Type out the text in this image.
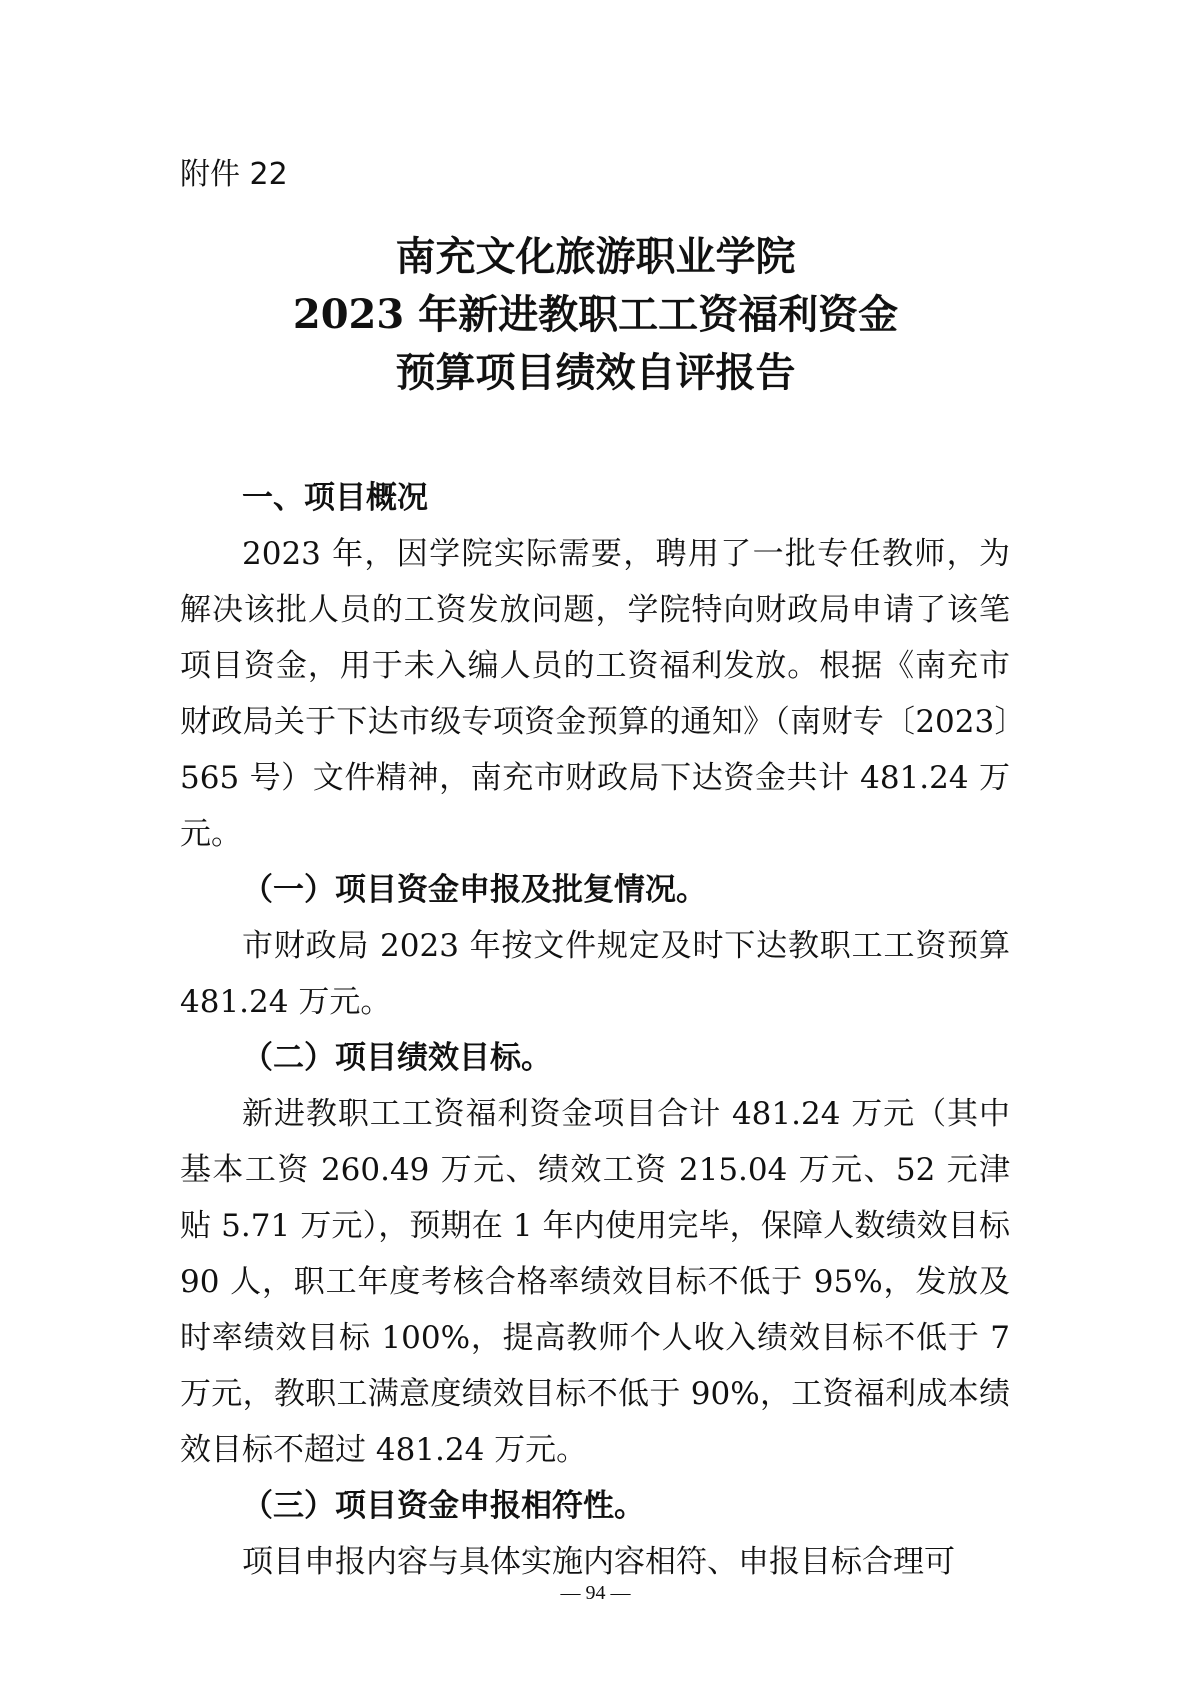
附件 22
南充文化旅游职业学院
2023 年新进教职工工资福利资金
预算项目绩效自评报告

一、项目概况

2023 年，因学院实际需要，聘用了一批专任教师，为解决该批人员的工资发放问题，学院特向财政局申请了该笔项目资金，用于未入编人员的工资福利发放。根据《南充市财政局关于下达市级专项资金预算的通知》（南财专〔2023〕565 号）文件精神，南充市财政局下达资金共计 481.24 万元。

（一）项目资金申报及批复情况。

市财政局 2023 年按文件规定及时下达教职工工资预算 481.24 万元。

（二）项目绩效目标。

新进教职工工资福利资金项目合计 481.24 万元（其中基本工资 260.49 万元、绩效工资 215.04 万元、52 元津贴 5.71 万元），预期在 1 年内使用完毕，保障人数绩效目标 90 人，职工年度考核合格率绩效目标不低于 95%，发放及时率绩效目标 100%，提高教师个人收入绩效目标不低于 7 万元，教职工满意度绩效目标不低于 90%，工资福利成本绩效目标不超过 481.24 万元。

（三）项目资金申报相符性。

项目申报内容与具体实施内容相符、申报目标合理可

— 94 —
